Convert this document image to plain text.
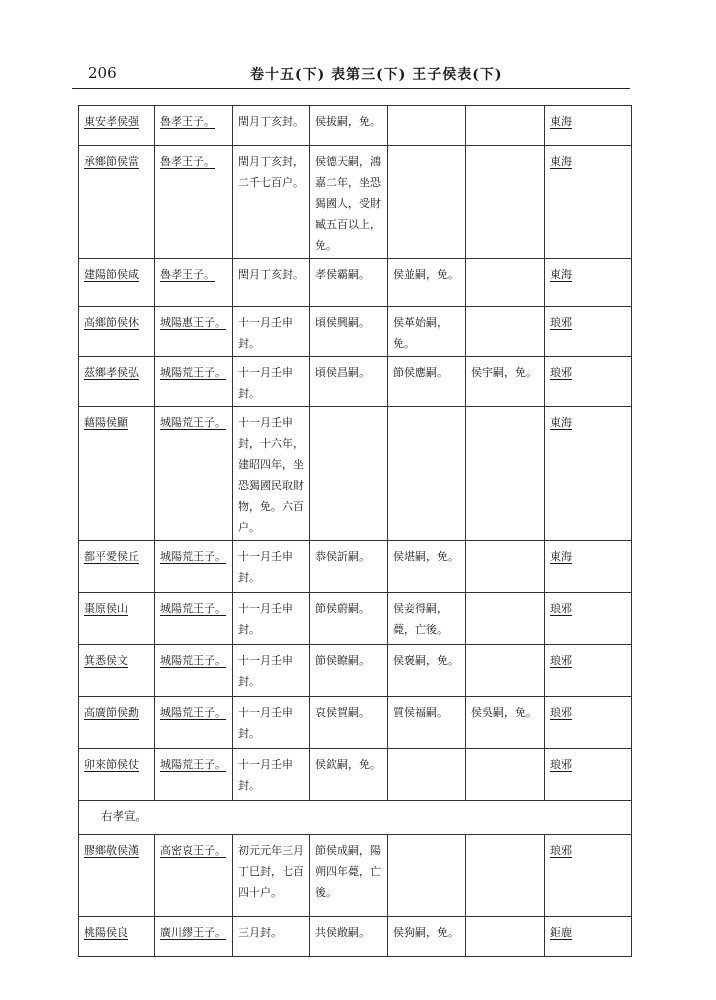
206	卷十五(下) 表第三(下) 王子侯表(下)
東安孝侯强	魯孝王子。	閏月丁亥封。	侯拔嗣，免。			東海
承鄉節侯當	魯孝王子。	閏月丁亥封，二千七百户。	侯德天嗣，鴻嘉二年，坐恐猲國人，受財臧五百以上，免。			東海
建陽節侯咸	魯孝王子。	閏月丁亥封。	孝侯霸嗣。	侯並嗣，免。		東海
高鄉節侯休	城陽惠王子。	十一月壬申封。	頃侯興嗣。	侯革始嗣，免。		琅邪
茲鄉孝侯弘	城陽荒王子。	十一月壬申封。	頃侯昌嗣。	節侯應嗣。	侯宇嗣，免。	琅邪
藉陽侯顯	城陽荒王子。	十一月壬申封，十六年，建昭四年，坐恐猲國民取財物，免。六百户。				東海
都平愛侯丘	城陽荒王子。	十一月壬申封。	恭侯訢嗣。	侯堪嗣，免。		東海
棗原侯山	城陽荒王子。	十一月壬申封。	節侯蔚嗣。	侯妾得嗣，薨，亡後。		琅邪
箕悉侯文	城陽荒王子。	十一月壬申封。	節侯瞭嗣。	侯褒嗣，免。		琅邪
高廣節侯勳	城陽荒王子。	十一月壬申封。	哀侯賀嗣。	質侯福嗣。	侯吳嗣，免。	琅邪
卯來節侯仗	城陽荒王子。	十一月壬申封。	侯欽嗣，免。			琅邪
右孝宣。						
膠鄉敬侯漢	高密哀王子。	初元元年三月丁巳封，七百四十户。	節侯成嗣，陽朔四年薨，亡後。			琅邪
桃陽侯良	廣川繆王子。	三月封。	共侯敞嗣。	侯狗嗣，免。		鉅鹿
